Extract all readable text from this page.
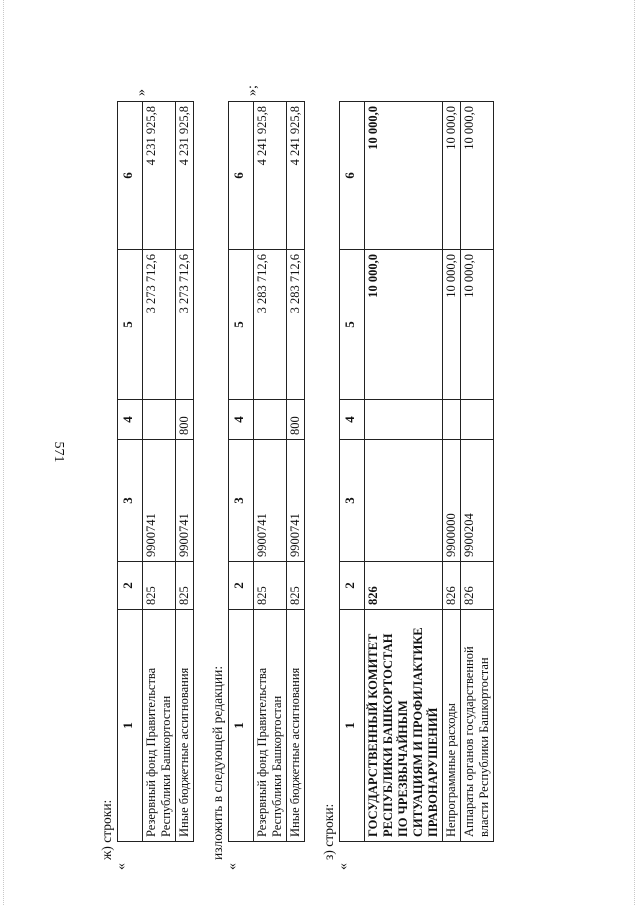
571
ж) строки:
«
1	2	3	4	5	6
Резервный фонд Правительства Республики Башкортостан	825	9900741		3 273 712,6	4 231 925,8
Иные бюджетные ассигнования	825	9900741	800	3 273 712,6	4 231 925,8
»
изложить в следующей редакции:
«
1	2	3	4	5	6
Резервный фонд Правительства Республики Башкортостан	825	9900741		3 283 712,6	4 241 925,8
Иные бюджетные ассигнования	825	9900741	800	3 283 712,6	4 241 925,8
»;
з) строки:
«
1	2	3	4	5	6
ГОСУДАРСТВЕННЫЙ КОМИТЕТ РЕСПУБЛИКИ БАШКОРТОСТАН ПО ЧРЕЗВЫЧАЙНЫМ СИТУАЦИЯМ И ПРОФИЛАКТИКЕ ПРАВОНАРУШЕНИЙ	826			10 000,0	10 000,0
Непрограммные расходы	826	9900000		10 000,0	10 000,0
Аппараты органов государственной власти Республики Башкортостан	826	9900204		10 000,0	10 000,0
